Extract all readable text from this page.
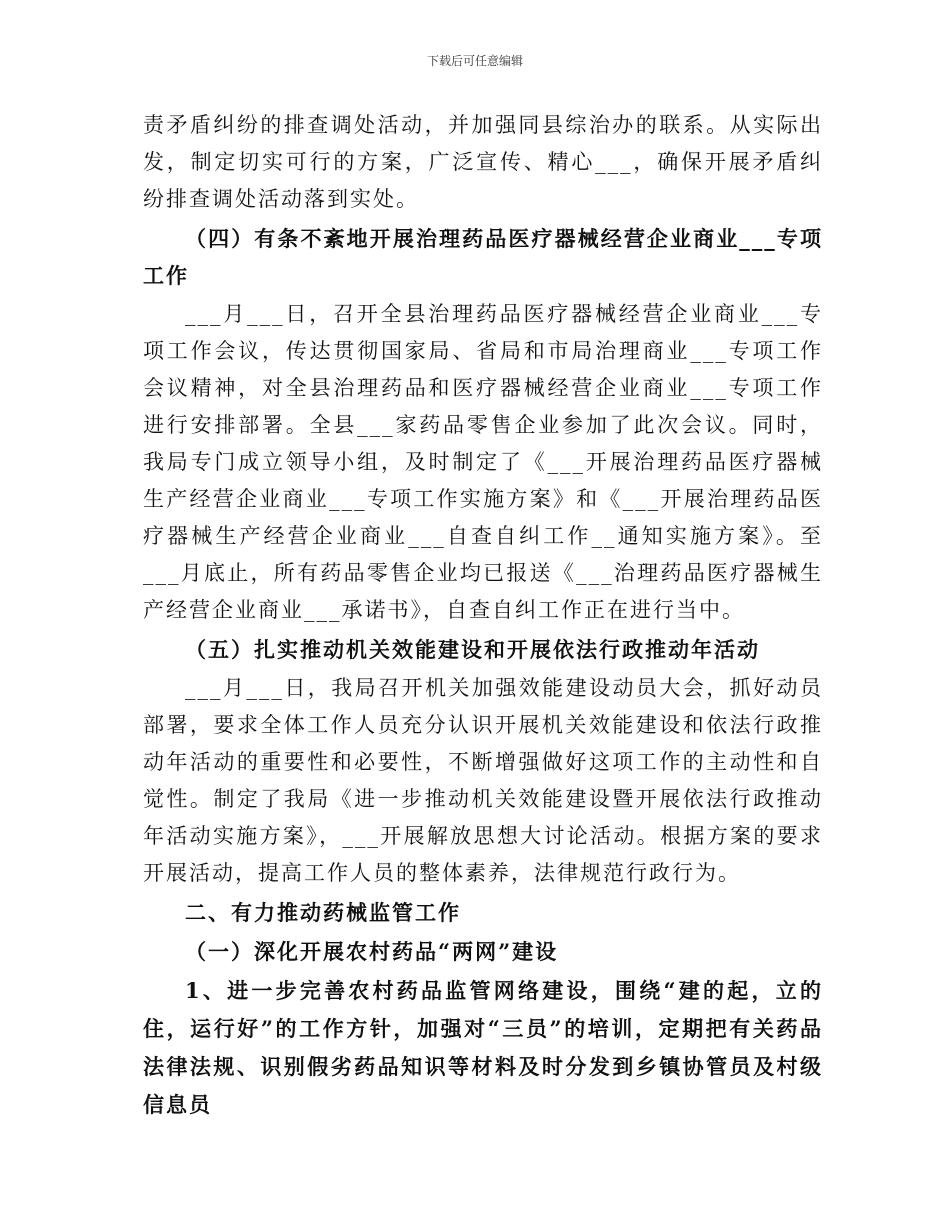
下载后可任意编辑

责矛盾纠纷的排查调处活动，并加强同县综治办的联系。从实际出发，制定切实可行的方案，广泛宣传、精心___，确保开展矛盾纠纷排查调处活动落到实处。

（四）有条不紊地开展治理药品医疗器械经营企业商业___专项工作

___月___日，召开全县治理药品医疗器械经营企业商业___专项工作会议，传达贯彻国家局、省局和市局治理商业___专项工作会议精神，对全县治理药品和医疗器械经营企业商业___专项工作进行安排部署。全县___家药品零售企业参加了此次会议。同时，我局专门成立领导小组，及时制定了《___开展治理药品医疗器械生产经营企业商业___专项工作实施方案》和《___开展治理药品医疗器械生产经营企业商业___自查自纠工作__通知实施方案》。至___月底止，所有药品零售企业均已报送《___治理药品医疗器械生产经营企业商业___承诺书》，自查自纠工作正在进行当中。

（五）扎实推动机关效能建设和开展依法行政推动年活动

___月___日，我局召开机关加强效能建设动员大会，抓好动员部署，要求全体工作人员充分认识开展机关效能建设和依法行政推动年活动的重要性和必要性，不断增强做好这项工作的主动性和自觉性。制定了我局《进一步推动机关效能建设暨开展依法行政推动年活动实施方案》，___开展解放思想大讨论活动。根据方案的要求开展活动，提高工作人员的整体素养，法律规范行政行为。

二、有力推动药械监管工作

（一）深化开展农村药品“两网”建设

1、进一步完善农村药品监管网络建设，围绕“建的起，立的住，运行好”的工作方针，加强对“三员”的培训，定期把有关药品法律法规、识别假劣药品知识等材料及时分发到乡镇协管员及村级信息员
